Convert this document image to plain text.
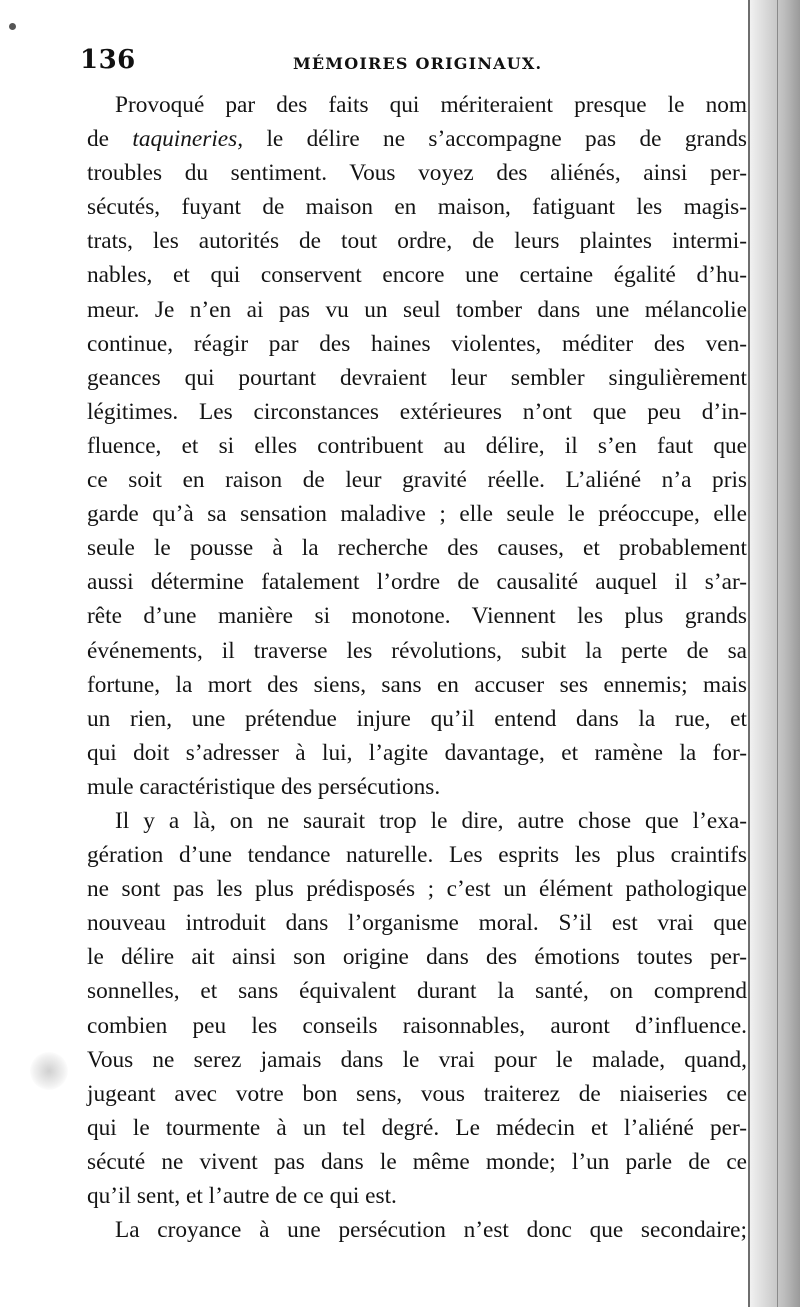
136	MÉMOIRES ORIGINAUX.
Provoqué par des faits qui mériteraient presque le nom
de taquineries, le délire ne s’accompagne pas de grands
troubles du sentiment. Vous voyez des aliénés, ainsi per-
sécutés, fuyant de maison en maison, fatiguant les magis-
trats, les autorités de tout ordre, de leurs plaintes intermi-
nables, et qui conservent encore une certaine égalité d’hu-
meur. Je n’en ai pas vu un seul tomber dans une mélancolie
continue, réagir par des haines violentes, méditer des ven-
geances qui pourtant devraient leur sembler singulièrement
légitimes. Les circonstances extérieures n’ont que peu d’in-
fluence, et si elles contribuent au délire, il s’en faut que
ce soit en raison de leur gravité réelle. L’aliéné n’a pris
garde qu’à sa sensation maladive ; elle seule le préoccupe, elle
seule le pousse à la recherche des causes, et probablement
aussi détermine fatalement l’ordre de causalité auquel il s’ar-
rête d’une manière si monotone. Viennent les plus grands
événements, il traverse les révolutions, subit la perte de sa
fortune, la mort des siens, sans en accuser ses ennemis; mais
un rien, une prétendue injure qu’il entend dans la rue, et
qui doit s’adresser à lui, l’agite davantage, et ramène la for-
mule caractéristique des persécutions.
Il y a là, on ne saurait trop le dire, autre chose que l’exa-
gération d’une tendance naturelle. Les esprits les plus craintifs
ne sont pas les plus prédisposés ; c’est un élément pathologique
nouveau introduit dans l’organisme moral. S’il est vrai que
le délire ait ainsi son origine dans des émotions toutes per-
sonnelles, et sans équivalent durant la santé, on comprend
combien peu les conseils raisonnables, auront d’influence.
Vous ne serez jamais dans le vrai pour le malade, quand,
jugeant avec votre bon sens, vous traiterez de niaiseries ce
qui le tourmente à un tel degré. Le médecin et l’aliéné per-
sécuté ne vivent pas dans le même monde; l’un parle de ce
qu’il sent, et l’autre de ce qui est.
La croyance à une persécution n’est donc que secondaire;
